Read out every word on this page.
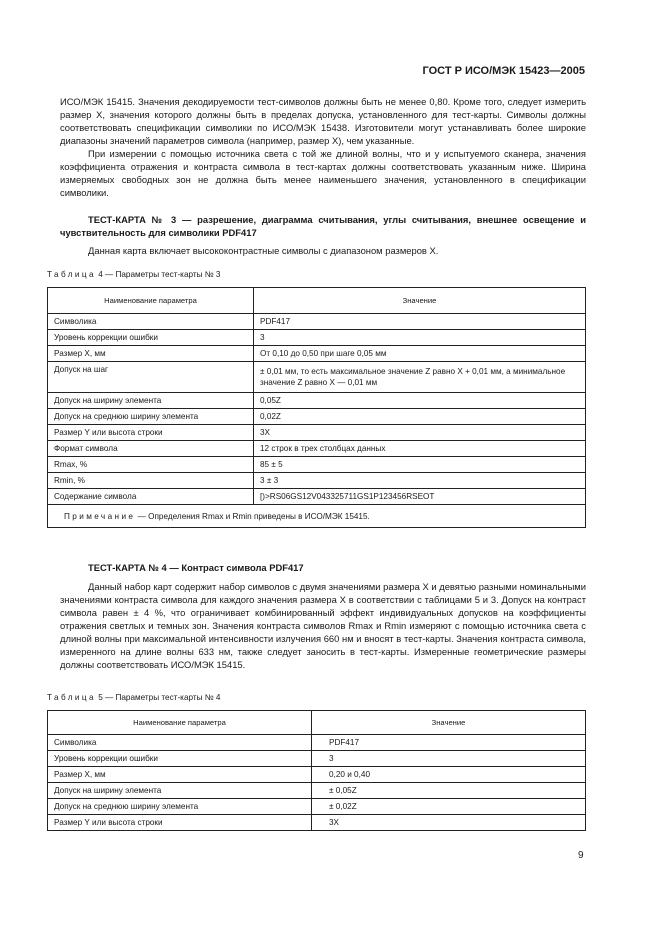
ГОСТ Р ИСО/МЭК 15423—2005

ИСО/МЭК 15415. Значения декодируемости тест-символов должны быть не менее 0,80. Кроме того, следует измерить размер X, значения которого должны быть в пределах допуска, установленного для тест-карты. Символы должны соответствовать спецификации символики по ИСО/МЭК 15438. Изготовители могут устанавливать более широкие диапазоны значений параметров символа (например, размер X), чем указанные.

При измерении с помощью источника света с той же длиной волны, что и у испытуемого сканера, значения коэффициента отражения и контраста символа в тест-картах должны соответствовать указанным ниже. Ширина измеряемых свободных зон не должна быть менее наименьшего значения, установленного в спецификации символики.

ТЕСТ-КАРТА № 3 — разрешение, диаграмма считывания, углы считывания, внешнее освещение и чувствительность для символики PDF417

Данная карта включает высококонтрастные символы с диапазоном размеров X.

Таблица 4 — Параметры тест-карты № 3
Наименование параметра	Значение
Символика	PDF417
Уровень коррекции ошибки	3
Размер X, мм	От 0,10 до 0,50 при шаге 0,05 мм
Допуск на шаг	± 0,01 мм, то есть максимальное значение Z равно X + 0,01 мм, а минимальное значение Z равно X — 0,01 мм
Допуск на ширину элемента	0,05Z
Допуск на среднюю ширину элемента	0,02Z
Размер Y или высота строки	3X
Формат символа	12 строк в трех столбцах данных
Rmax, %	85 ± 5
Rmin, %	3 ± 3
Содержание символа	[)>RS06GS12V043325711GS1P123456RSEOT
Примечание — Определения Rmax и Rmin приведены в ИСО/МЭК 15415.	

ТЕСТ-КАРТА № 4 — Контраст символа PDF417

Данный набор карт содержит набор символов с двумя значениями размера X и девятью разными номинальными значениями контраста символа для каждого значения размера X в соответствии с таблицами 5 и 3. Допуск на контраст символа равен ± 4 %, что ограничивает комбинированный эффект индивидуальных допусков на коэффициенты отражения светлых и темных зон. Значения контраста символов Rmax и Rmin измеряют с помощью источника света с длиной волны при максимальной интенсивности излучения 660 нм и вносят в тест-карты. Значения контраста символа, измеренного на длине волны 633 нм, также следует заносить в тест-карты. Измеренные геометрические размеры должны соответствовать ИСО/МЭК 15415.

Таблица 5 — Параметры тест-карты № 4
Наименование параметра	Значение
Символика	PDF417
Уровень коррекции ошибки	3
Размер X, мм	0,20 и 0,40
Допуск на ширину элемента	± 0,05Z
Допуск на среднюю ширину элемента	± 0,02Z
Размер Y или высота строки	3X
9
